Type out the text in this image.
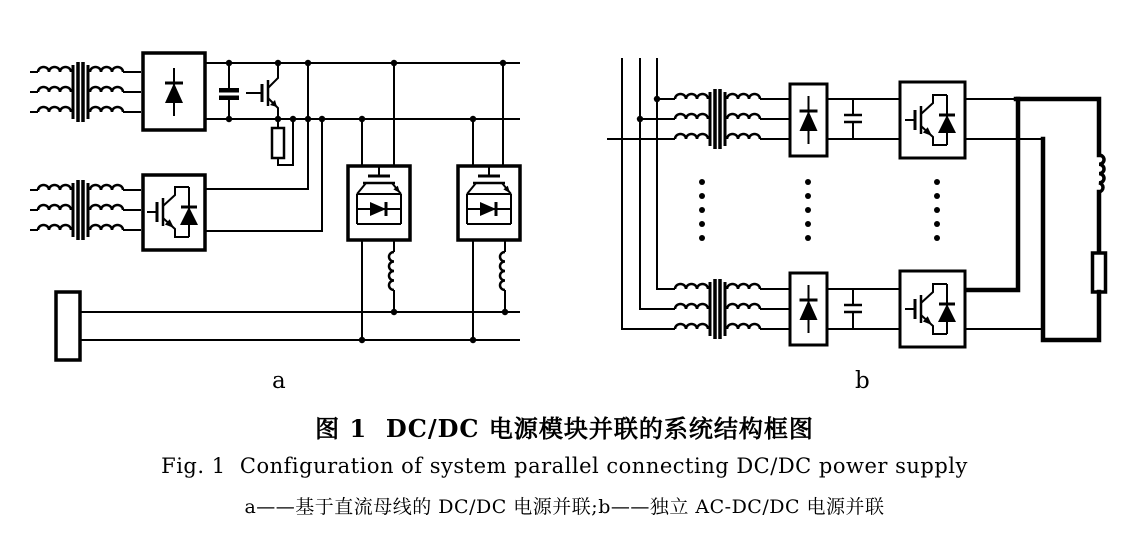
a	b
图 1  DC/DC 电源模块并联的系统结构框图
Fig. 1  Configuration of system parallel connecting DC/DC power supply
a——基于直流母线的 DC/DC 电源并联;b——独立 AC-DC/DC 电源并联
